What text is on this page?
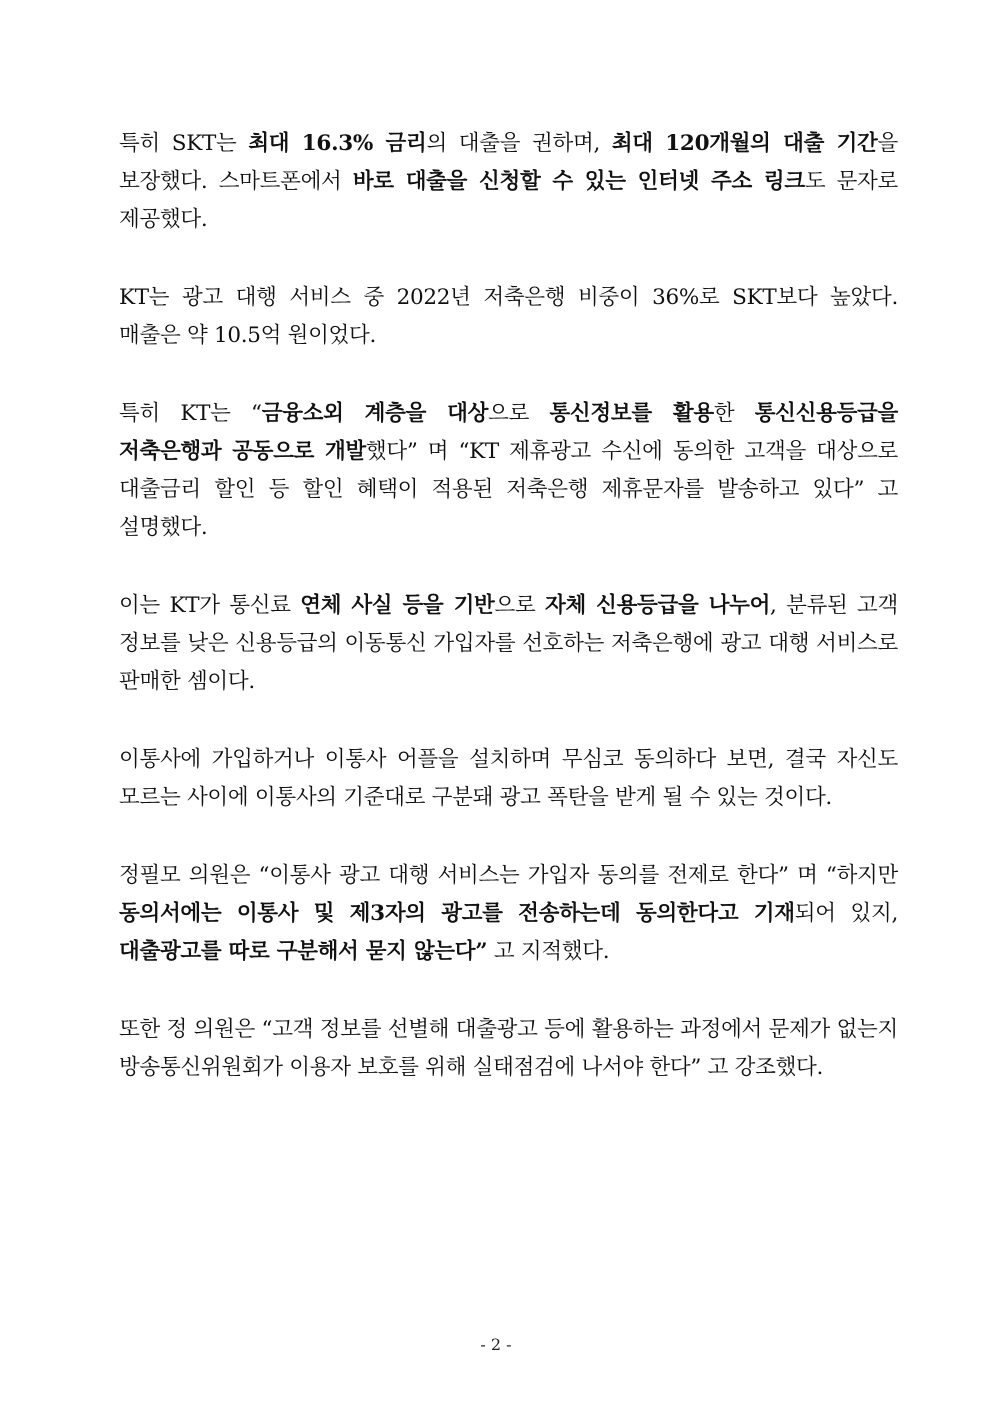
특히 SKT는 최대 16.3% 금리의 대출을 권하며, 최대 120개월의 대출 기간을 보장했다. 스마트폰에서 바로 대출을 신청할 수 있는 인터넷 주소 링크도 문자로 제공했다.

KT는 광고 대행 서비스 중 2022년 저축은행 비중이 36%로 SKT보다 높았다. 매출은 약 10.5억 원이었다.

특히 KT는 “금융소외 계층을 대상으로 통신정보를 활용한 통신신용등급을 저축은행과 공동으로 개발했다” 며 “KT 제휴광고 수신에 동의한 고객을 대상으로 대출금리 할인 등 할인 혜택이 적용된 저축은행 제휴문자를 발송하고 있다” 고 설명했다.

이는 KT가 통신료 연체 사실 등을 기반으로 자체 신용등급을 나누어, 분류된 고객 정보를 낮은 신용등급의 이동통신 가입자를 선호하는 저축은행에 광고 대행 서비스로 판매한 셈이다.

이통사에 가입하거나 이통사 어플을 설치하며 무심코 동의하다 보면, 결국 자신도 모르는 사이에 이통사의 기준대로 구분돼 광고 폭탄을 받게 될 수 있는 것이다.

정필모 의원은 “이통사 광고 대행 서비스는 가입자 동의를 전제로 한다” 며 “하지만 동의서에는 이통사 및 제3자의 광고를 전송하는데 동의한다고 기재되어 있지, 대출광고를 따로 구분해서 묻지 않는다” 고 지적했다.

또한 정 의원은 “고객 정보를 선별해 대출광고 등에 활용하는 과정에서 문제가 없는지 방송통신위원회가 이용자 보호를 위해 실태점검에 나서야 한다” 고 강조했다.

- 2 -
